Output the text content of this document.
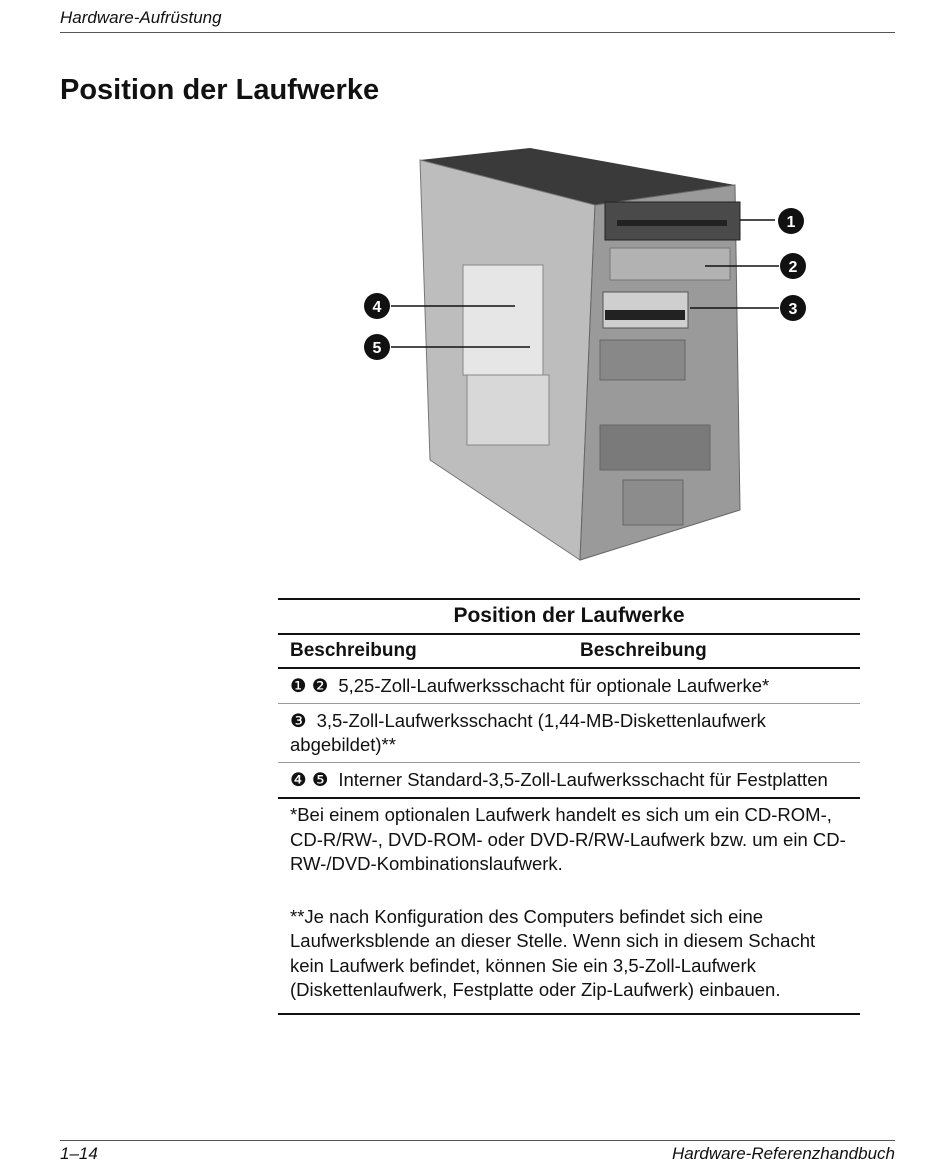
Hardware-Aufrüstung
Position der Laufwerke
1
2
3
4
5
Position der Laufwerke
Beschreibung	Beschreibung
❶ ❷ 5,25-Zoll-Laufwerksschacht für optionale Laufwerke*
❸ 3,5-Zoll-Laufwerksschacht (1,44-MB-Diskettenlaufwerk abgebildet)**
❹ ❺ Interner Standard-3,5-Zoll-Laufwerksschacht für Festplatten

*Bei einem optionalen Laufwerk handelt es sich um ein CD-ROM-, CD-R/RW-, DVD-ROM- oder DVD-R/RW-Laufwerk bzw. um ein CD-RW-/DVD-Kombinationslaufwerk.

**Je nach Konfiguration des Computers befindet sich eine Laufwerksblende an dieser Stelle. Wenn sich in diesem Schacht kein Laufwerk befindet, können Sie ein 3,5-Zoll-Laufwerk (Diskettenlaufwerk, Festplatte oder Zip-Laufwerk) einbauen.

1–14	Hardware-Referenzhandbuch
